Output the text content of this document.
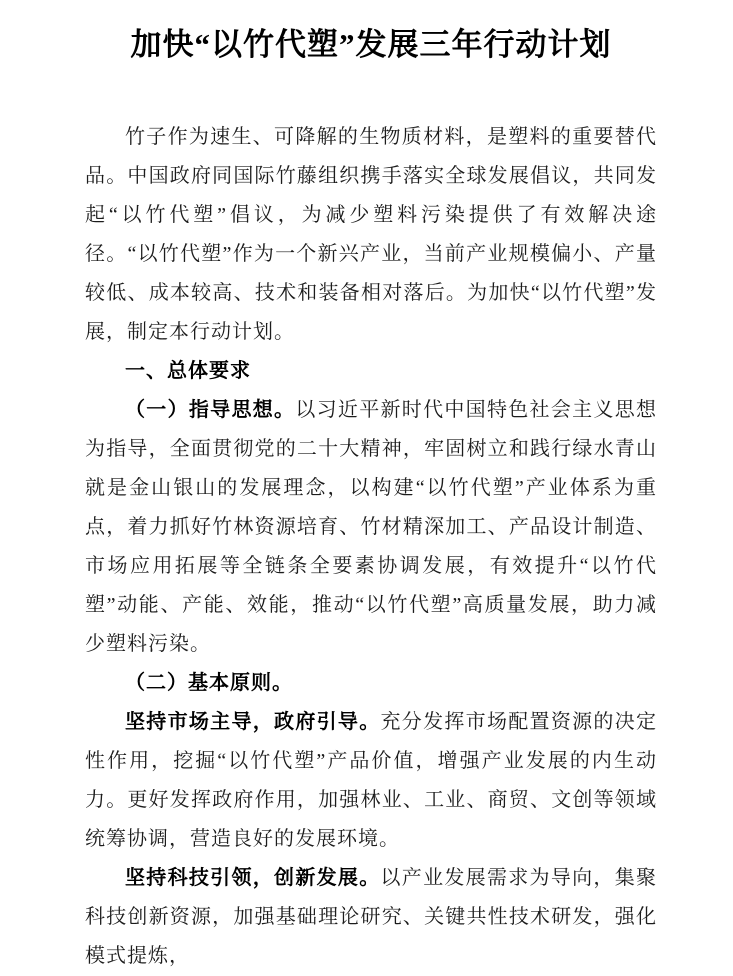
加快“以竹代塑”发展三年行动计划

竹子作为速生、可降解的生物质材料，是塑料的重要替代品。中国政府同国际竹藤组织携手落实全球发展倡议，共同发起“以竹代塑”倡议，为减少塑料污染提供了有效解决途径。“以竹代塑”作为一个新兴产业，当前产业规模偏小、产量较低、成本较高、技术和装备相对落后。为加快“以竹代塑”发展，制定本行动计划。

一、总体要求

（一）指导思想。以习近平新时代中国特色社会主义思想为指导，全面贯彻党的二十大精神，牢固树立和践行绿水青山就是金山银山的发展理念，以构建“以竹代塑”产业体系为重点，着力抓好竹林资源培育、竹材精深加工、产品设计制造、市场应用拓展等全链条全要素协调发展，有效提升“以竹代塑”动能、产能、效能，推动“以竹代塑”高质量发展，助力减少塑料污染。

（二）基本原则。

坚持市场主导，政府引导。充分发挥市场配置资源的决定性作用，挖掘“以竹代塑”产品价值，增强产业发展的内生动力。更好发挥政府作用，加强林业、工业、商贸、文创等领域统筹协调，营造良好的发展环境。

坚持科技引领，创新发展。以产业发展需求为导向，集聚科技创新资源，加强基础理论研究、关键共性技术研发，强化模式提炼，
